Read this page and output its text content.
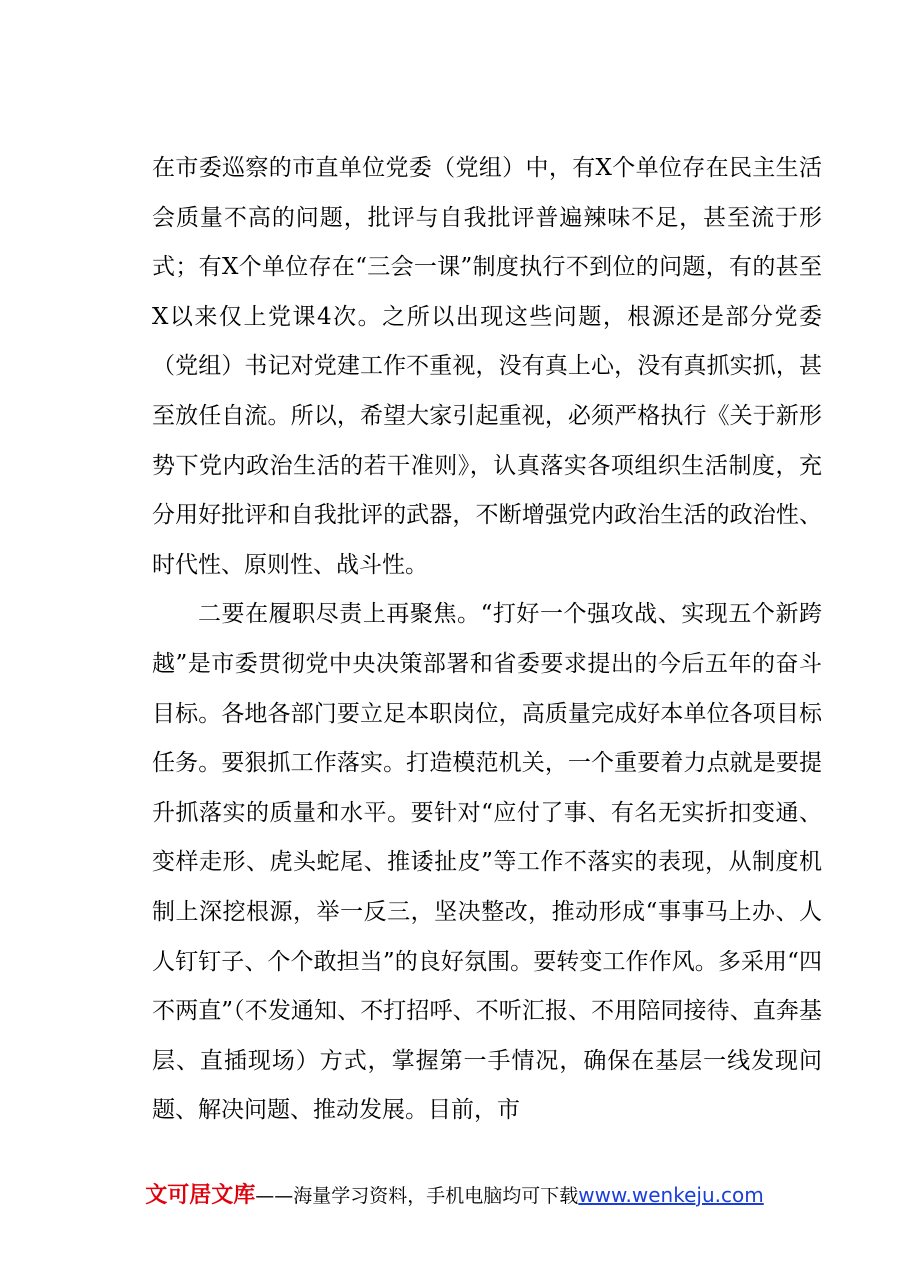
在市委巡察的市直单位党委（党组）中，有X个单位存在民主生活会质量不高的问题，批评与自我批评普遍辣味不足，甚至流于形式；有X个单位存在“三会一课”制度执行不到位的问题，有的甚至X以来仅上党课4次。之所以出现这些问题，根源还是部分党委（党组）书记对党建工作不重视，没有真上心，没有真抓实抓，甚至放任自流。所以，希望大家引起重视，必须严格执行《关于新形势下党内政治生活的若干准则》，认真落实各项组织生活制度，充分用好批评和自我批评的武器，不断增强党内政治生活的政治性、时代性、原则性、战斗性。

二要在履职尽责上再聚焦。“打好一个强攻战、实现五个新跨越”是市委贯彻党中央决策部署和省委要求提出的今后五年的奋斗目标。各地各部门要立足本职岗位，高质量完成好本单位各项目标任务。要狠抓工作落实。打造模范机关，一个重要着力点就是要提升抓落实的质量和水平。要针对“应付了事、有名无实折扣变通、变样走形、虎头蛇尾、推诿扯皮”等工作不落实的表现，从制度机制上深挖根源，举一反三，坚决整改，推动形成“事事马上办、人人钉钉子、个个敢担当”的良好氛围。要转变工作作风。多采用“四不两直”（不发通知、不打招呼、不听汇报、不用陪同接待、直奔基层、直插现场）方式，掌握第一手情况，确保在基层一线发现问题、解决问题、推动发展。目前，市

文可居文库——海量学习资料，手机电脑均可下载www.wenkeju.com
